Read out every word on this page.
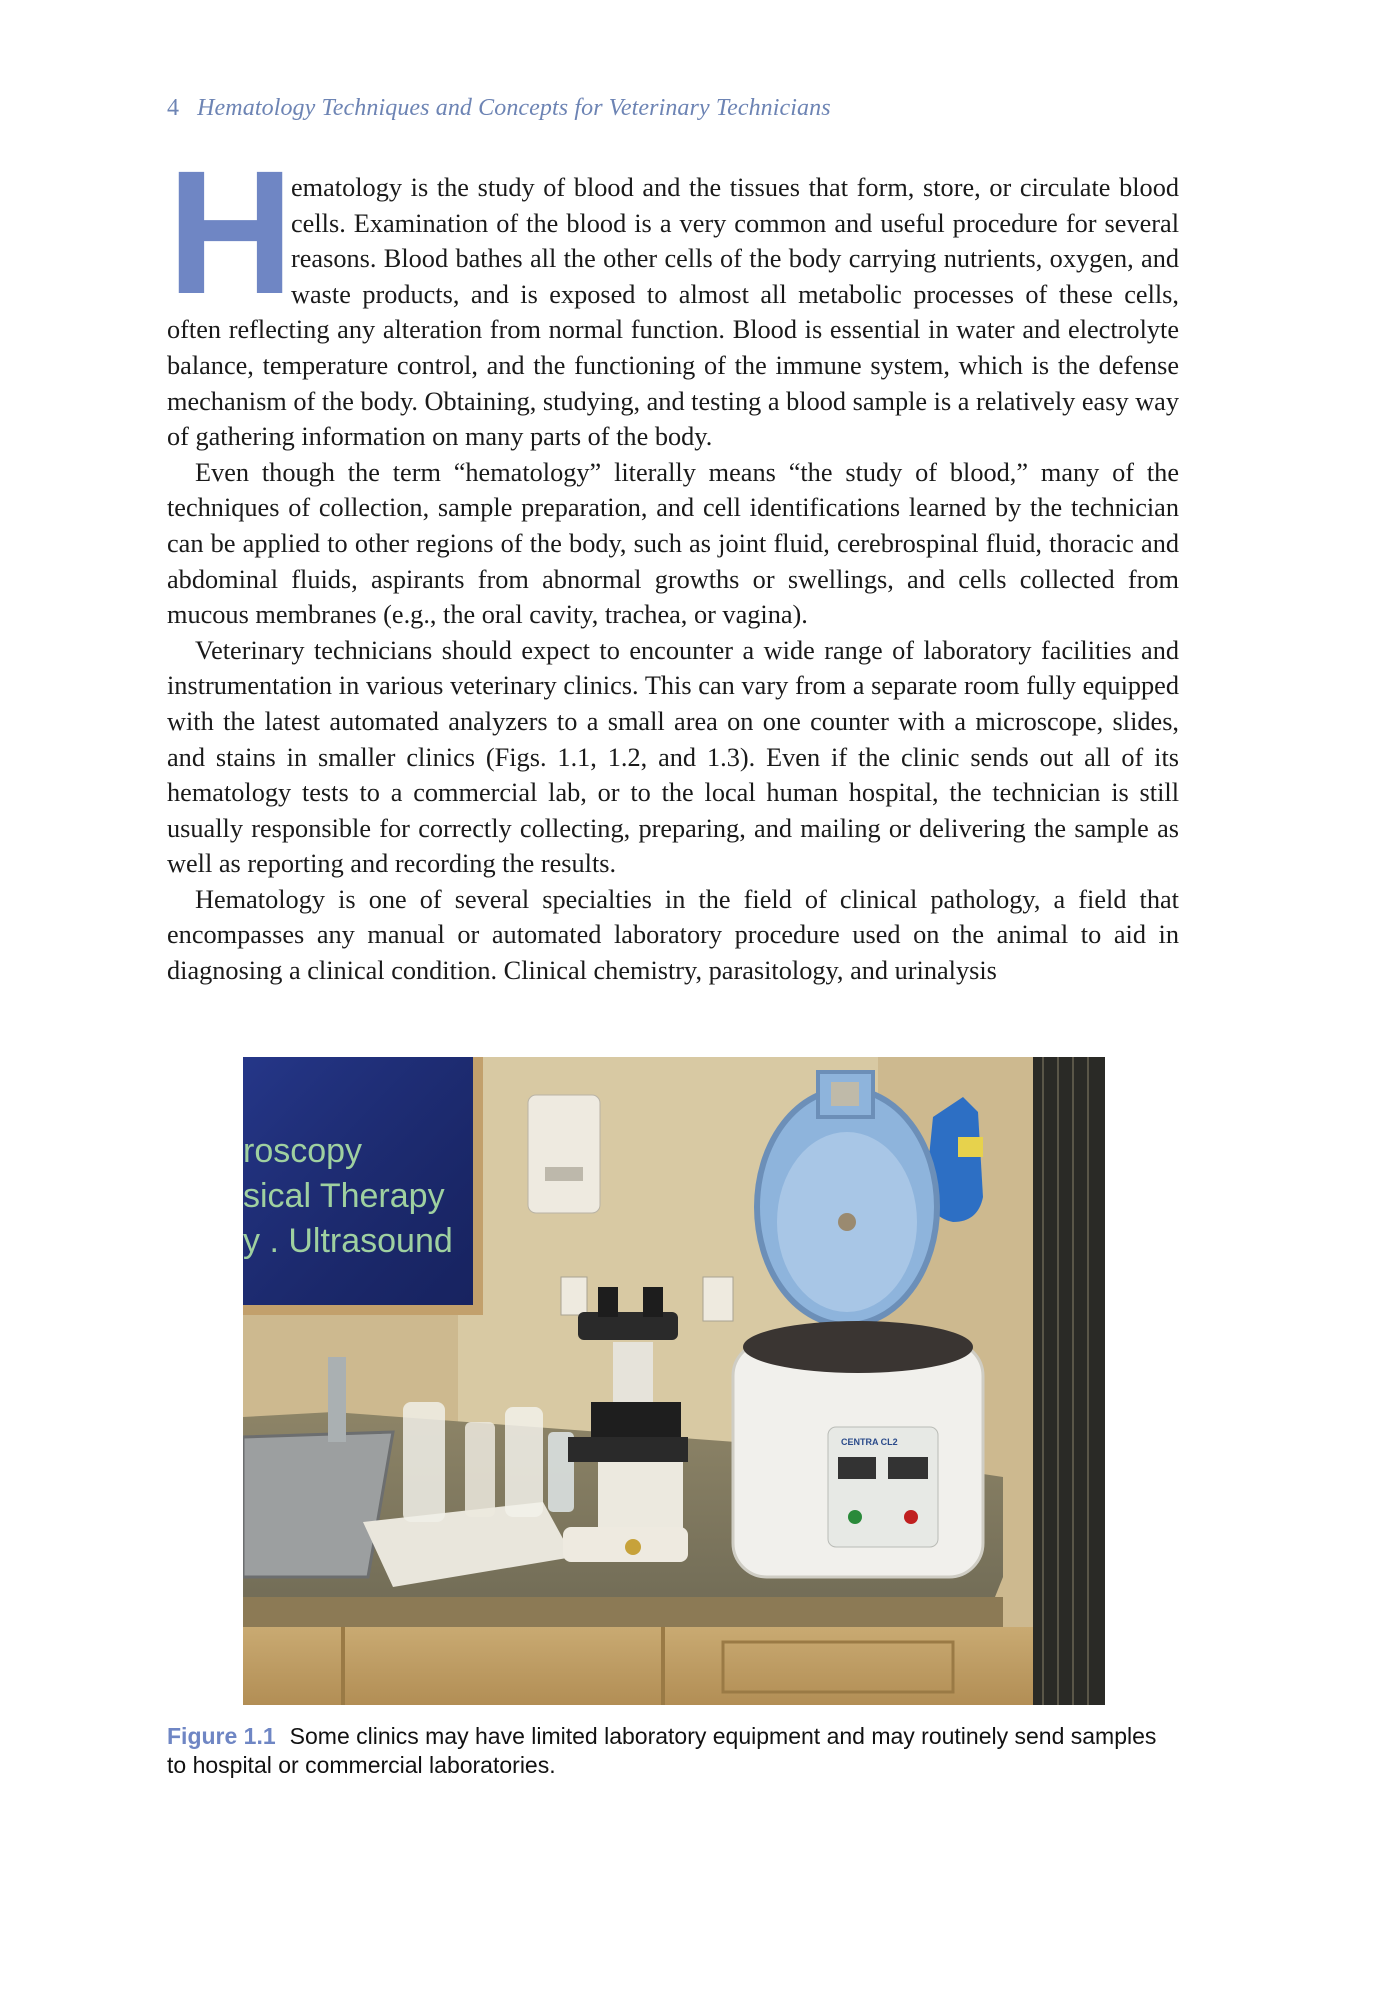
4 Hematology Techniques and Concepts for Veterinary Technicians

H
ematology is the study of blood and the tissues that form, store, or circulate blood cells. Examination of the blood is a very common and useful procedure for several reasons. Blood bathes all the other cells of the body carrying nutrients, oxygen, and waste products, and is exposed to almost all metabolic processes of these cells, often reflecting any alteration from normal function. Blood is essential in water and electrolyte balance, temperature control, and the functioning of the immune system, which is the defense mechanism of the body. Obtaining, studying, and testing a blood sample is a relatively easy way of gathering information on many parts of the body.

Even though the term “hematology” literally means “the study of blood,” many of the techniques of collection, sample preparation, and cell identifications learned by the technician can be applied to other regions of the body, such as joint fluid, cerebrospinal fluid, thoracic and abdominal fluids, aspirants from abnormal growths or swellings, and cells collected from mucous membranes (e.g., the oral cavity, trachea, or vagina).

Veterinary technicians should expect to encounter a wide range of laboratory facilities and instrumentation in various veterinary clinics. This can vary from a separate room fully equipped with the latest automated analyzers to a small area on one counter with a microscope, slides, and stains in smaller clinics (Figs. 1.1, 1.2, and 1.3). Even if the clinic sends out all of its hematology tests to a commercial lab, or to the local human hospital, the technician is still usually responsible for correctly collecting, preparing, and mailing or delivering the sample as well as reporting and recording the results.

Hematology is one of several specialties in the field of clinical pathology, a field that encompasses any manual or automated laboratory procedure used on the animal to aid in diagnosing a clinical condition. Clinical chemistry, parasitology, and urinalysis

roscopy
sical Therapy
y . Ultrasound
CENTRA CL2
Figure 1.1 Some clinics may have limited laboratory equipment and may routinely send samples to hospital or commercial laboratories.
